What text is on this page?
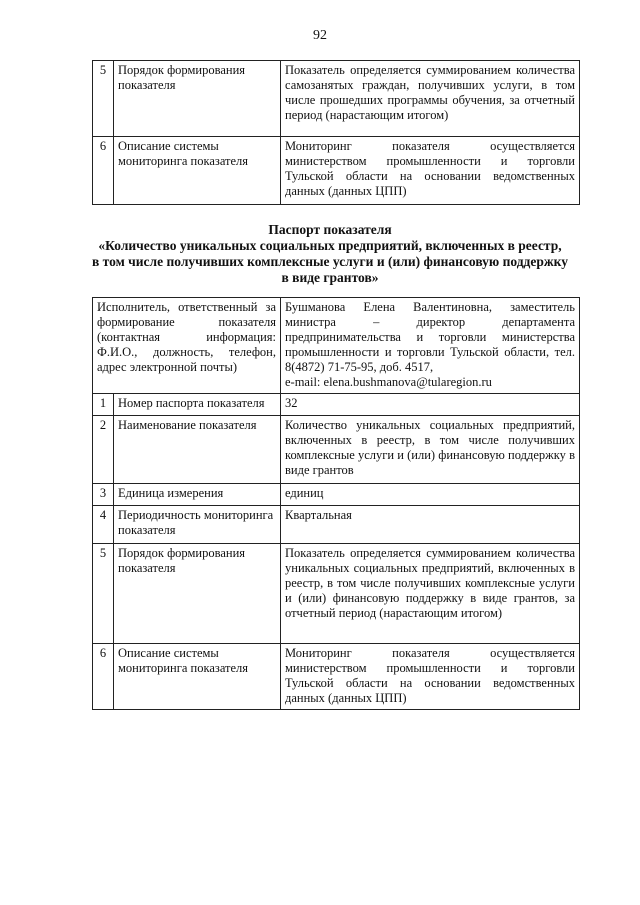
92
5	Порядок формирования показателя	Показатель определяется суммированием количества самозанятых граждан, получивших услуги, в том числе прошедших программы обучения, за отчетный период (нарастающим итогом)
6	Описание системы мониторинга показателя	Мониторинг показателя осуществляется министерством промышленности и торговли Тульской области на основании ведомственных данных (данных ЦПП)
Паспорт показателя
«Количество уникальных социальных предприятий, включенных в реестр,
в том числе получивших комплексные услуги и (или) финансовую поддержку
в виде грантов»
Исполнитель, ответственный за формирование показателя (контактная информация: Ф.И.О., должность, телефон, адрес электронной почты)		Бушманова Елена Валентиновна, заместитель министра – директор департамента предпринимательства и торговли министерства промышленности и торговли Тульской области, тел. 8(4872) 71-75-95, доб. 4517,
e-mail: elena.bushmanova@tularegion.ru

1	Номер паспорта показателя	32
2	Наименование показателя	Количество уникальных социальных предприятий, включенных в реестр, в том числе получивших комплексные услуги и (или) финансовую поддержку в виде грантов
3	Единица измерения	единиц
4	Периодичность мониторинга показателя	Квартальная
5	Порядок формирования показателя	Показатель определяется суммированием количества уникальных социальных предприятий, включенных в реестр, в том числе получивших комплексные услуги и (или) финансовую поддержку в виде грантов, за отчетный период (нарастающим итогом)
6	Описание системы мониторинга показателя	Мониторинг показателя осуществляется министерством промышленности и торговли Тульской области на основании ведомственных данных (данных ЦПП)
